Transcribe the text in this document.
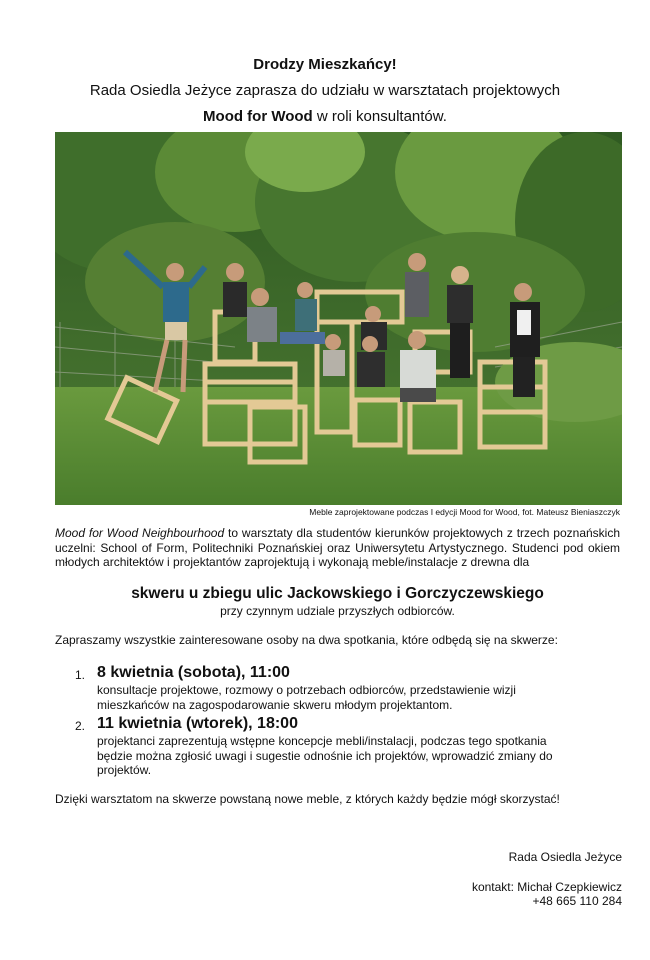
Drodzy Mieszkańcy!
Rada Osiedla Jeżyce zaprasza do udziału w warsztatach projektowych
Mood for Wood w roli konsultantów.
Meble zaprojektowane podczas I edycji Mood for Wood, fot. Mateusz Bieniaszczyk
Mood for Wood Neighbourhood to warsztaty dla studentów kierunków projektowych z trzech poznańskich uczelni: School of Form, Politechniki Poznańskiej oraz Uniwersytetu Artystycznego. Studenci pod okiem młodych architektów i projektantów zaprojektują i wykonają meble/instalacje z drewna dla
skweru u zbiegu ulic Jackowskiego i Gorczyczewskiego
przy czynnym udziale przyszłych odbiorców.
Zapraszamy wszystkie zainteresowane osoby na dwa spotkania, które odbędą się na skwerze:
1. 8 kwietnia (sobota), 11:00
konsultacje projektowe, rozmowy o potrzebach odbiorców, przedstawienie wizji mieszkańców na zagospodarowanie skweru młodym projektantom.
2. 11 kwietnia (wtorek), 18:00
projektanci zaprezentują wstępne koncepcje mebli/instalacji, podczas tego spotkania będzie można zgłosić uwagi i sugestie odnośnie ich projektów, wprowadzić zmiany do projektów.
Dzięki warsztatom na skwerze powstaną nowe meble, z których każdy będzie mógł skorzystać!
Rada Osiedla Jeżyce
kontakt: Michał Czepkiewicz
+48 665 110 284
